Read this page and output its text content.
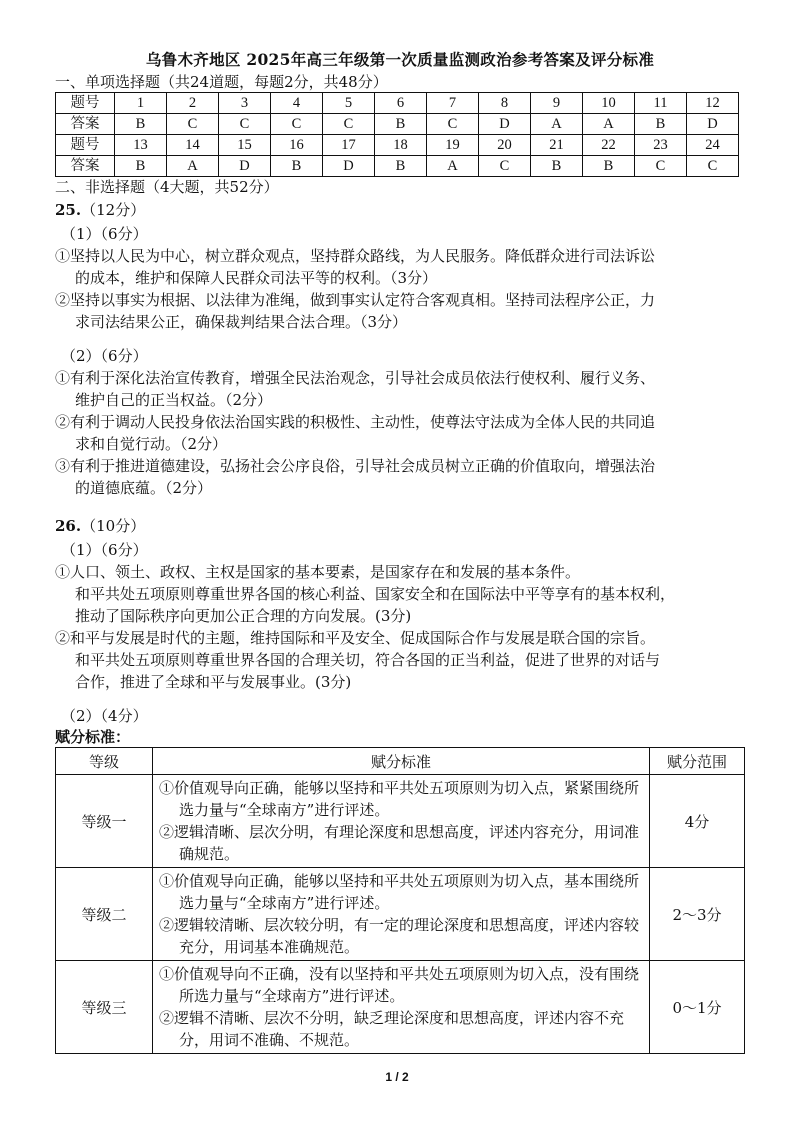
乌鲁木齐地区 2025年高三年级第一次质量监测政治参考答案及评分标准
一、单项选择题（共24道题，每题2分，共48分）
题号	1	2	3	4	5	6	7	8	9	10	11	12
答案	B	C	C	C	C	B	C	D	A	A	B	D
题号	13	14	15	16	17	18	19	20	21	22	23	24
答案	B	A	D	B	D	B	A	C	B	B	C	C
二、非选择题（4大题，共52分）
25.（12分）
（1）（6分）

①坚持以人民为中心，树立群众观点，坚持群众路线，为人民服务。降低群众进行司法诉讼
的成本，维护和保障人民群众司法平等的权利。（3分）

②坚持以事实为根据、以法律为准绳，做到事实认定符合客观真相。坚持司法程序公正，力
求司法结果公正，确保裁判结果合法合理。（3分）

（2）（6分）

①有利于深化法治宣传教育，增强全民法治观念，引导社会成员依法行使权利、履行义务、
维护自己的正当权益。（2分）

②有利于调动人民投身依法治国实践的积极性、主动性，使尊法守法成为全体人民的共同追
求和自觉行动。（2分）

③有利于推进道德建设，弘扬社会公序良俗，引导社会成员树立正确的价值取向，增强法治
的道德底蕴。（2分）

26.（10分）
（1）（6分）

①人口、领土、政权、主权是国家的基本要素，是国家存在和发展的基本条件。

和平共处五项原则尊重世界各国的核心利益、国家安全和在国际法中平等享有的基本权利，

推动了国际秩序向更加公正合理的方向发展。(3分)

②和平与发展是时代的主题，维持国际和平及安全、促成国际合作与发展是联合国的宗旨。

和平共处五项原则尊重世界各国的合理关切，符合各国的正当利益，促进了世界的对话与

合作，推进了全球和平与发展事业。(3分)

（2）（4分）
赋分标准：
等级	赋分标准	赋分范围
等级一	①价值观导向正确，能够以坚持和平共处五项原则为切入点，紧紧围绕所选力量与“全球南方”进行评述。
②逻辑清晰、层次分明，有理论深度和思想高度，评述内容充分，用词准确规范。	4分
等级二	①价值观导向正确，能够以坚持和平共处五项原则为切入点，基本围绕所选力量与“全球南方”进行评述。
②逻辑较清晰、层次较分明，有一定的理论深度和思想高度，评述内容较充分，用词基本准确规范。	2～3分
等级三	①价值观导向不正确，没有以坚持和平共处五项原则为切入点，没有围绕所选力量与“全球南方”进行评述。
②逻辑不清晰、层次不分明，缺乏理论深度和思想高度，评述内容不充分，用词不准确、不规范。	0～1分
1 / 2
